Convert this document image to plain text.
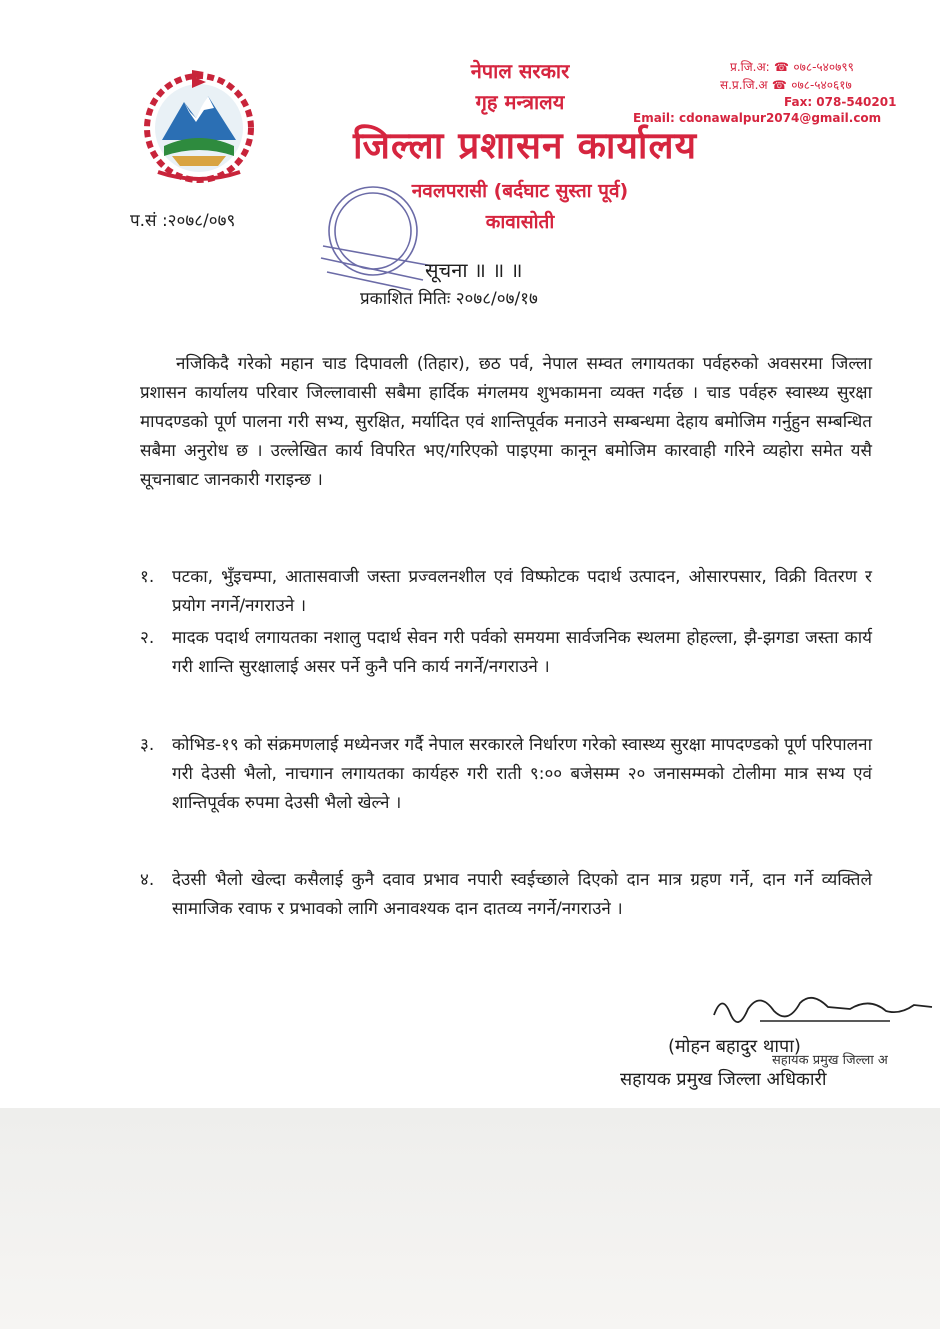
नेपाल सरकार
गृह मन्त्रालय
जिल्ला प्रशासन कार्यालय
नवलपरासी (बर्दघाट सुस्ता पूर्व)
कावासोती
प्र.जि.अ: ☎ ०७८-५४०७९९
स.प्र.जि.अ ☎ ०७८-५४०६१७
Fax: 078-540201
Email: cdonawalpur2074@gmail.com
प.सं :२०७८/०७९
सूचना ॥ ॥ ॥
प्रकाशित मितिः २०७८/०७/१७
नजिकिदै गरेको महान चाड दिपावली (तिहार), छठ पर्व, नेपाल सम्वत लगायतका पर्वहरुको अवसरमा जिल्ला प्रशासन कार्यालय परिवार जिल्लावासी सबैमा हार्दिक मंगलमय शुभकामना व्यक्त गर्दछ । चाड पर्वहरु स्वास्थ्य सुरक्षा मापदण्डको पूर्ण पालना गरी सभ्य, सुरक्षित, मर्यादित एवं शान्तिपूर्वक मनाउने सम्बन्धमा देहाय बमोजिम गर्नुहुन सम्बन्धित सबैमा अनुरोध छ । उल्लेखित कार्य विपरित भए/गरिएको पाइएमा कानून बमोजिम कारवाही गरिने व्यहोरा समेत यसै सूचनाबाट जानकारी गराइन्छ ।
१.	पटका, भुँइचम्पा, आतासवाजी जस्ता प्रज्वलनशील एवं विष्फोटक पदार्थ उत्पादन, ओसारपसार, विक्री वितरण र प्रयोग नगर्ने/नगराउने ।
२.	मादक पदार्थ लगायतका नशालु पदार्थ सेवन गरी पर्वको समयमा सार्वजनिक स्थलमा होहल्ला, झै-झगडा जस्ता कार्य गरी शान्ति सुरक्षालाई असर पर्ने कुनै पनि कार्य नगर्ने/नगराउने ।
३.	कोभिड-१९ को संक्रमणलाई मध्येनजर गर्दै नेपाल सरकारले निर्धारण गरेको स्वास्थ्य सुरक्षा मापदण्डको पूर्ण परिपालना गरी देउसी भैलो, नाचगान लगायतका कार्यहरु गरी राती ९:०० बजेसम्म २० जनासम्मको टोलीमा मात्र सभ्य एवं शान्तिपूर्वक रुपमा देउसी भैलो खेल्ने ।
४.	देउसी भैलो खेल्दा कसैलाई कुनै दवाव प्रभाव नपारी स्वईच्छाले दिएको दान मात्र ग्रहण गर्ने, दान गर्ने व्यक्तिले सामाजिक रवाफ र प्रभावको लागि अनावश्यक दान दातव्य नगर्ने/नगराउने ।
(मोहन बहादुर थापा)
सहायक प्रमुख जिल्ला अ
सहायक प्रमुख जिल्ला अधिकारी
